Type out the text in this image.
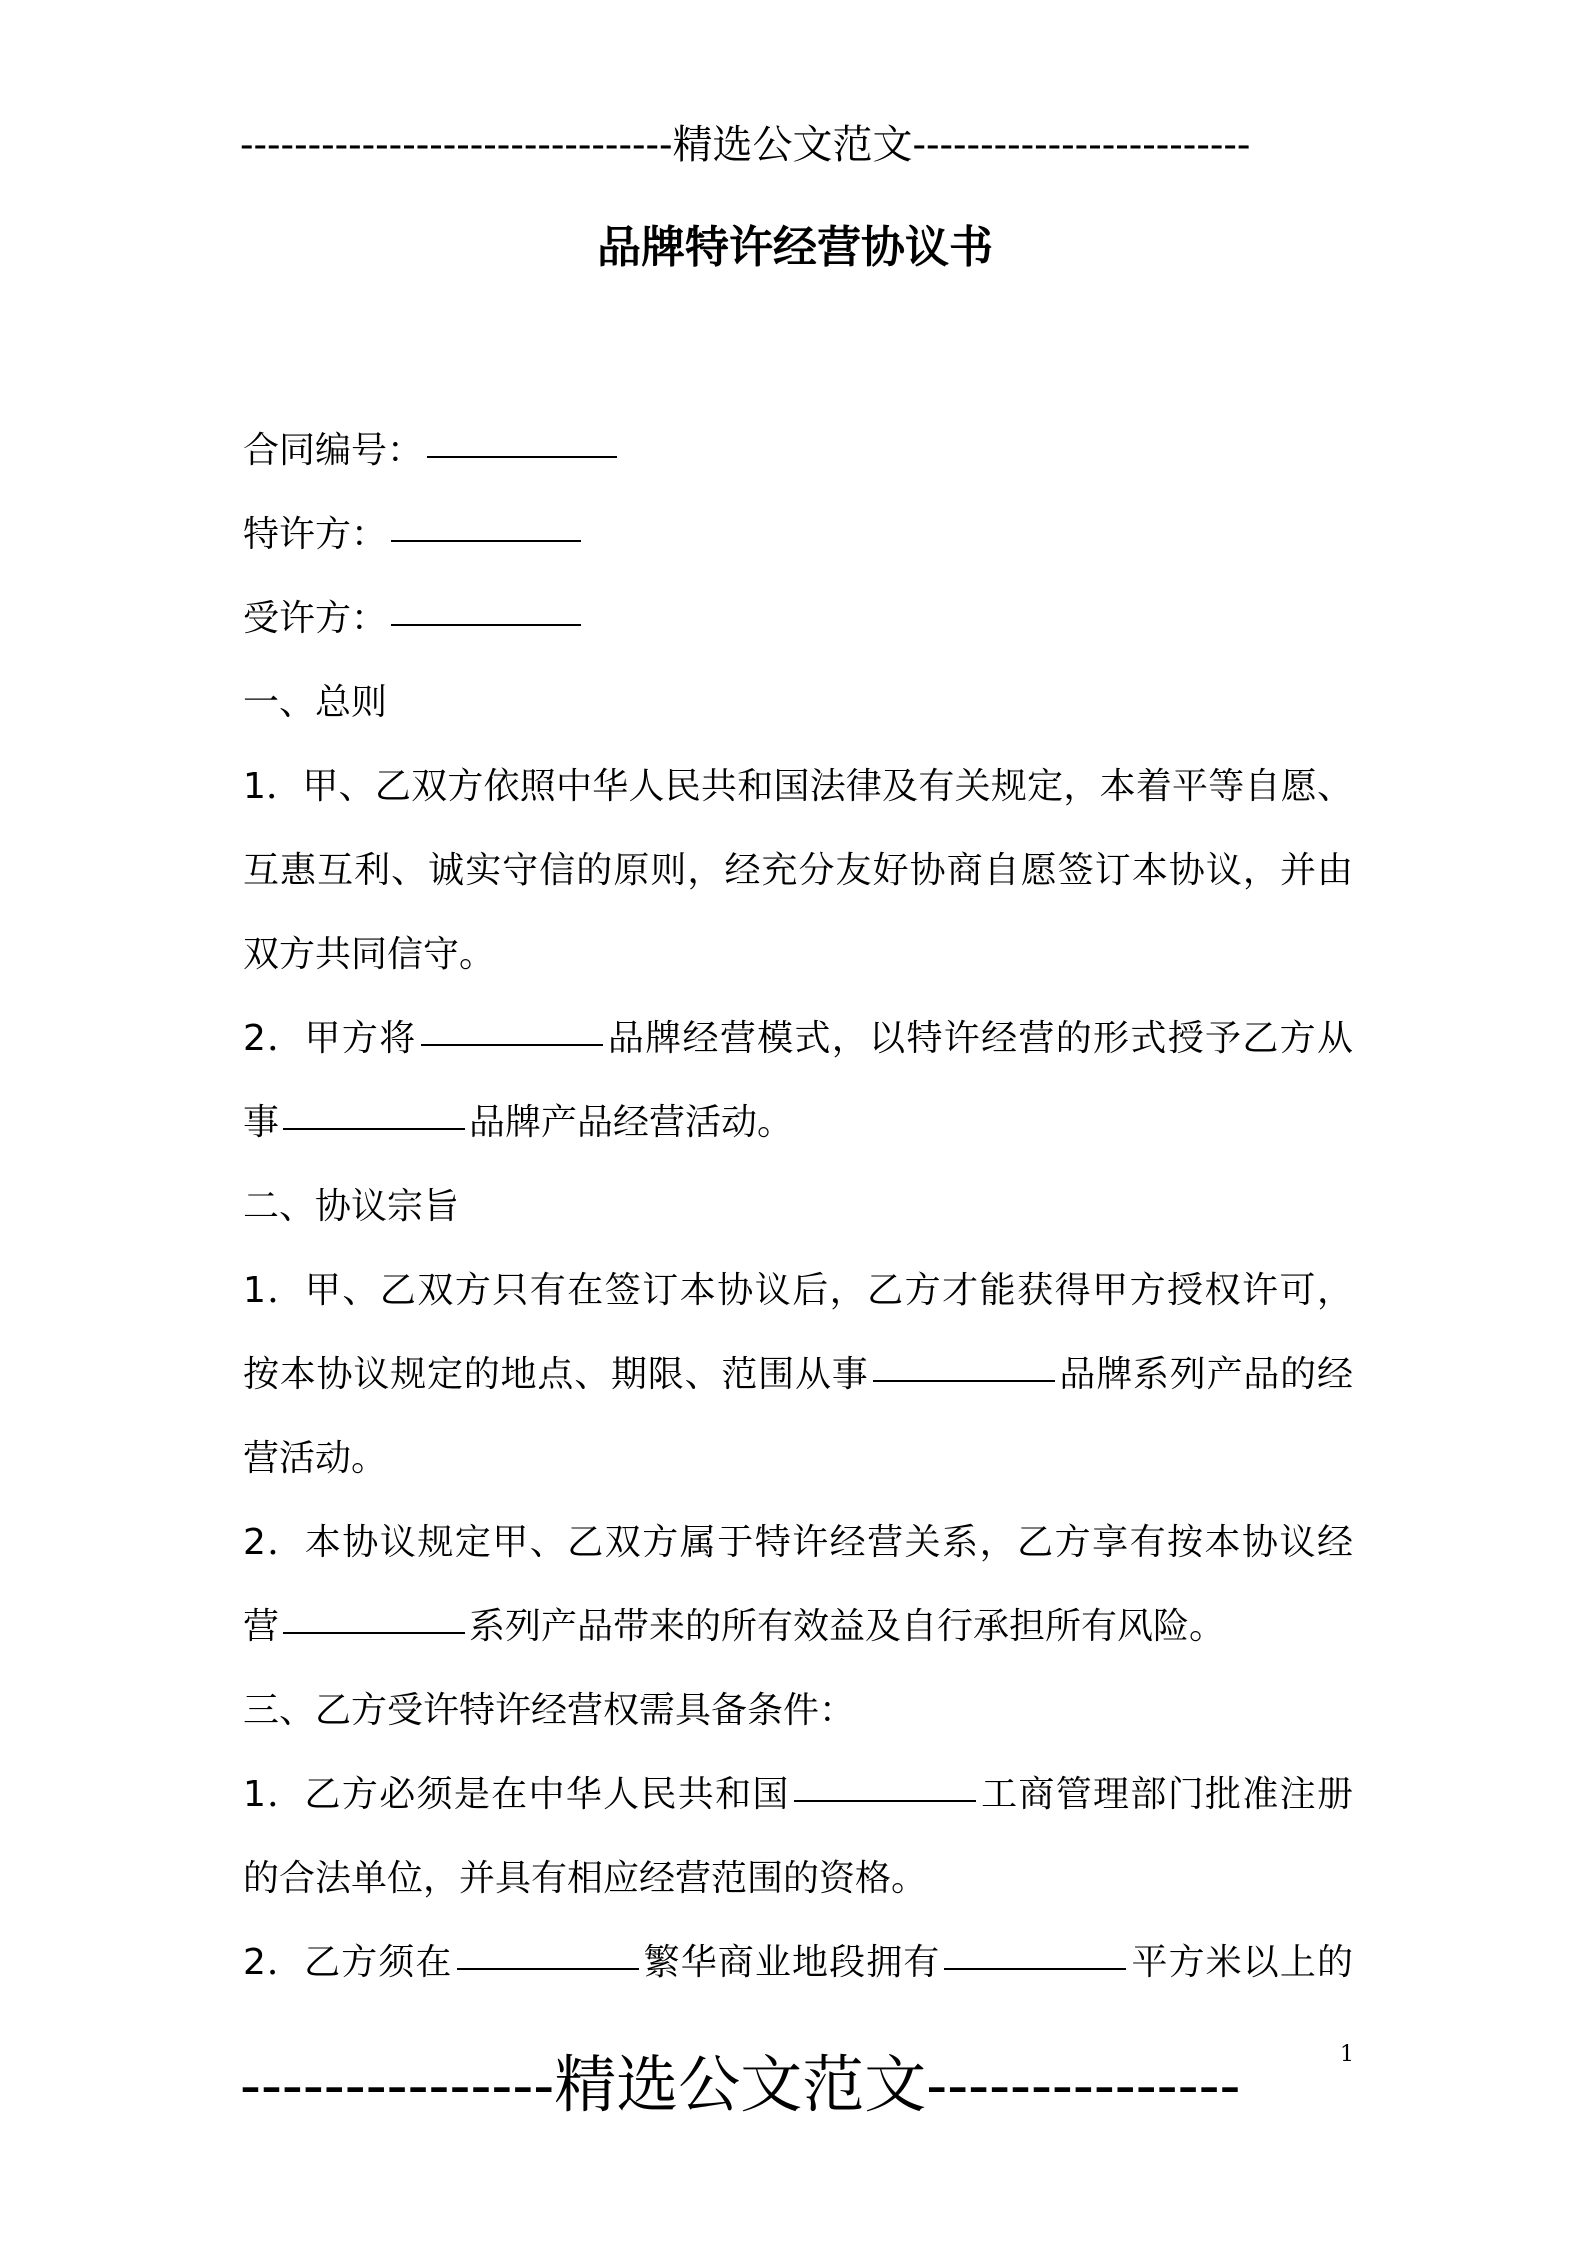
--------------------------------精选公文范文-------------------------
品牌特许经营协议书
合同编号：
特许方：
受许方：
一、总则
1．甲、乙双方依照中华人民共和国法律及有关规定，本着平等自愿、
互惠互利、诚实守信的原则，经充分友好协商自愿签订本协议，并由
双方共同信守。
2．甲方将	品牌经营模式，以特许经营的形式授予乙方从
事	品牌产品经营活动。
二、协议宗旨
1．甲、乙双方只有在签订本协议后，乙方才能获得甲方授权许可，
按本协议规定的地点、期限、范围从事	品牌系列产品的经
营活动。
2．本协议规定甲、乙双方属于特许经营关系，乙方享有按本协议经
营	系列产品带来的所有效益及自行承担所有风险。
三、乙方受许特许经营权需具备条件：
1．乙方必须是在中华人民共和国	工商管理部门批准注册
的合法单位，并具有相应经营范围的资格。
2．乙方须在	繁华商业地段拥有	平方米以上的
1
---------------精选公文范文---------------
